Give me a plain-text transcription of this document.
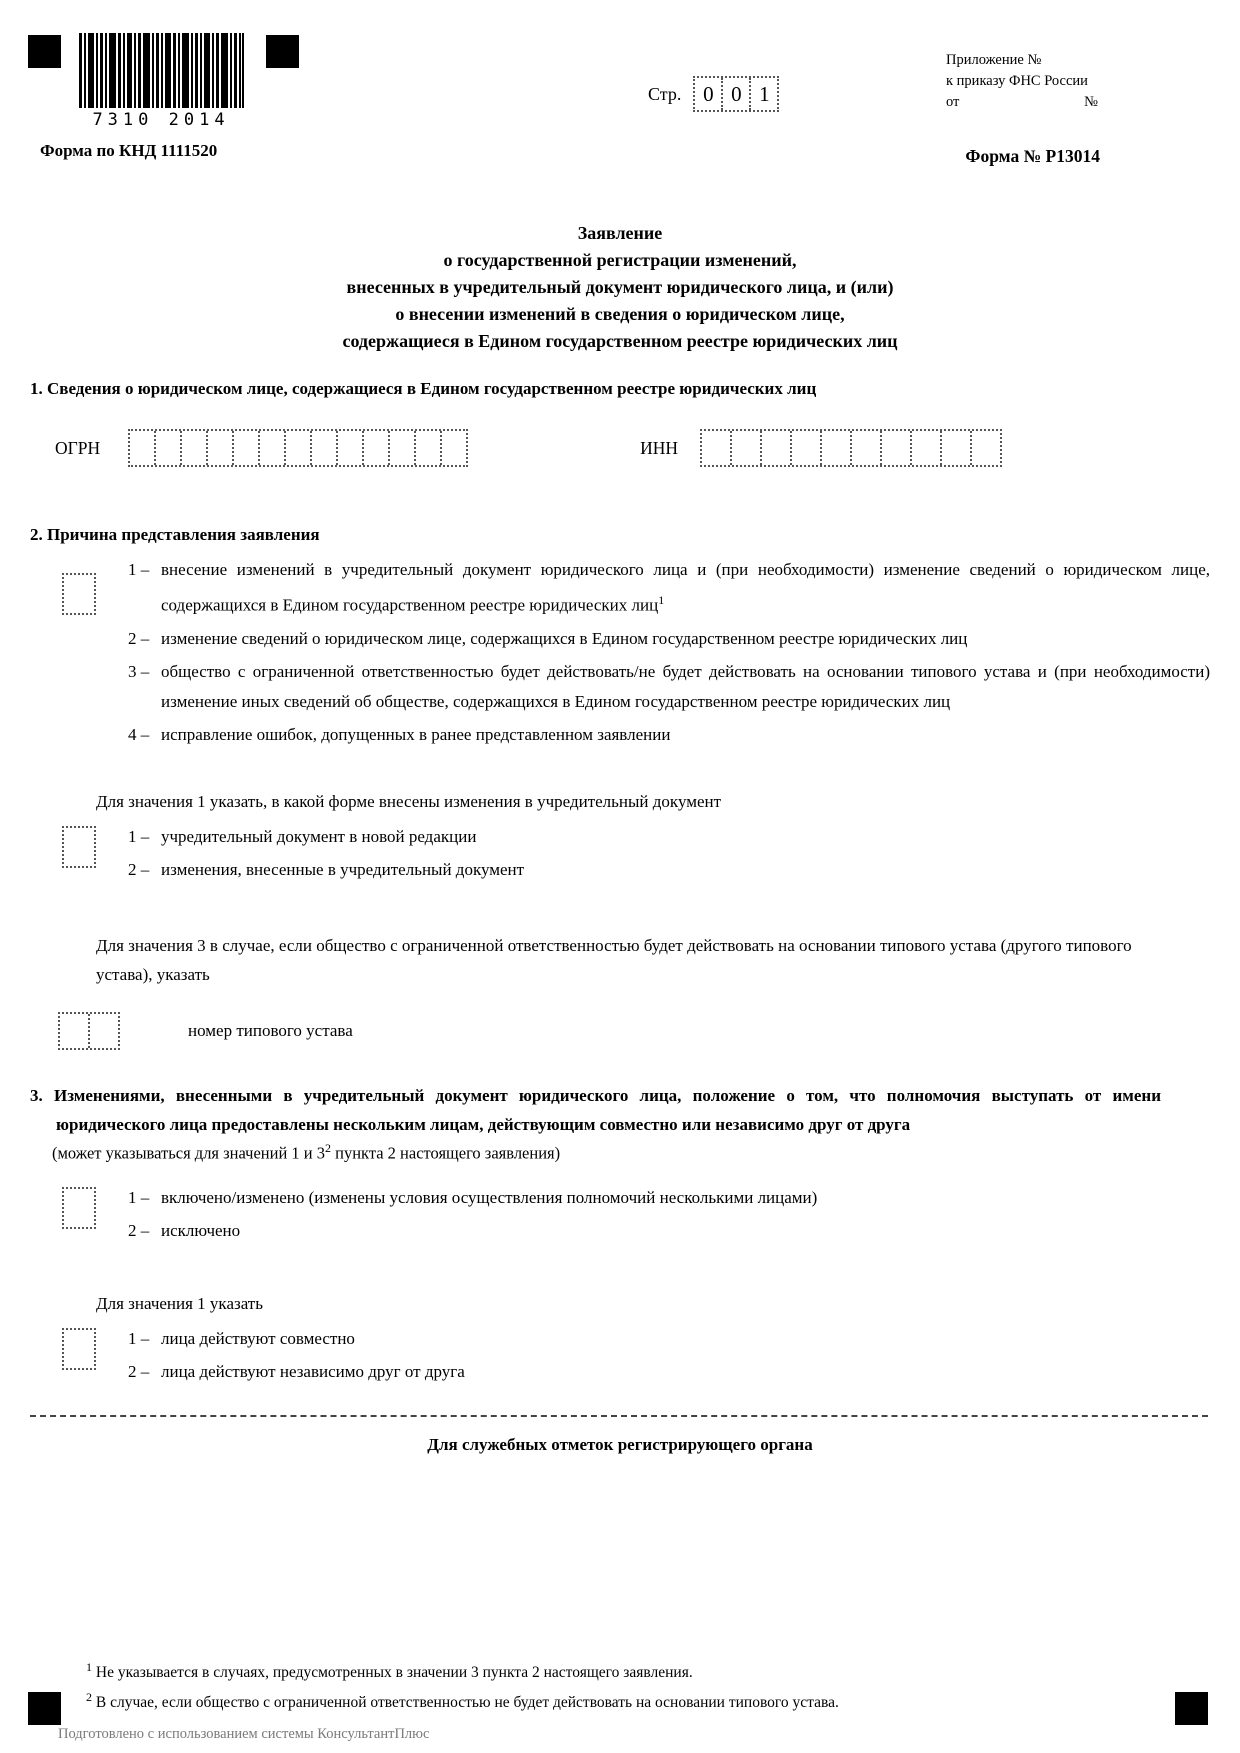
7310 2014
Стр.	0 0 1
Приложение №
к приказу ФНС России
от	№
Форма по КНД 1111520	Форма № Р13014
Заявление
о государственной регистрации изменений,
внесенных в учредительный документ юридического лица, и (или)
о внесении изменений в сведения о юридическом лице,
содержащиеся в Едином государственном реестре юридических лиц
1. Сведения о юридическом лице, содержащиеся в Едином государственном реестре юридических лиц
ОГРН	ИНН
2. Причина представления заявления
1 – внесение изменений в учредительный документ юридического лица и (при необходимости) изменение сведений о юридическом лице, содержащихся в Едином государственном реестре юридических лиц$^1$
2 – изменение сведений о юридическом лице, содержащихся в Едином государственном реестре юридических лиц
3 – общество с ограниченной ответственностью будет действовать/не будет действовать на основании типового устава и (при необходимости) изменение иных сведений об обществе, содержащихся в Едином государственном реестре юридических лиц
4 – исправление ошибок, допущенных в ранее представленном заявлении
Для значения 1 указать, в какой форме внесены изменения в учредительный документ
1 – учредительный документ в новой редакции
2 – изменения, внесенные в учредительный документ
Для значения 3 в случае, если общество с ограниченной ответственностью будет действовать на основании типового устава (другого типового устава), указать
номер типового устава
3. Изменениями, внесенными в учредительный документ юридического лица, положение о том, что полномочия выступать от имени юридического лица предоставлены нескольким лицам, действующим совместно или независимо друг от друга
(может указываться для значений 1 и $3^2$ пункта 2 настоящего заявления)
1 – включено/изменено (изменены условия осуществления полномочий несколькими лицами)
2 – исключено
Для значения 1 указать
1 – лица действуют совместно
2 – лица действуют независимо друг от друга
Для служебных отметок регистрирующего органа
$^1$ Не указывается в случаях, предусмотренных в значении 3 пункта 2 настоящего заявления.
$^2$ В случае, если общество с ограниченной ответственностью не будет действовать на основании типового устава.
Подготовлено с использованием системы КонсультантПлюс
